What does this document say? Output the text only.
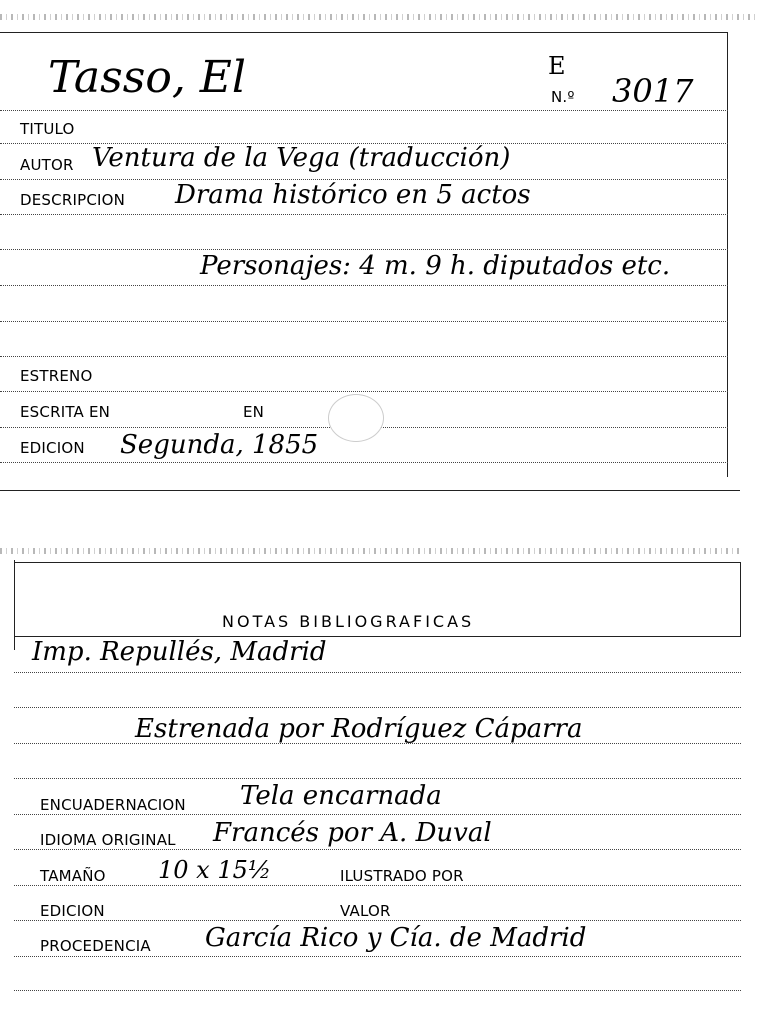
Tasso, El	E
N.º 3017
TITULO
AUTOR Ventura de la Vega (traducción)
DESCRIPCION Drama histórico en 5 actos
Personajes: 4 m. 9 h. diputados etc.
ESTRENO
ESCRITA EN	EN
EDICION Segunda, 1855
NOTAS BIBLIOGRAFICAS
Imp. Repullés, Madrid
Estrenada por Rodríguez Cáparra
ENCUADERNACION Tela encarnada
IDIOMA ORIGINAL Francés por A. Duval
TAMAÑO 10 x 15½	ILUSTRADO POR
EDICION	VALOR
PROCEDENCIA García Rico y Cía. de Madrid
